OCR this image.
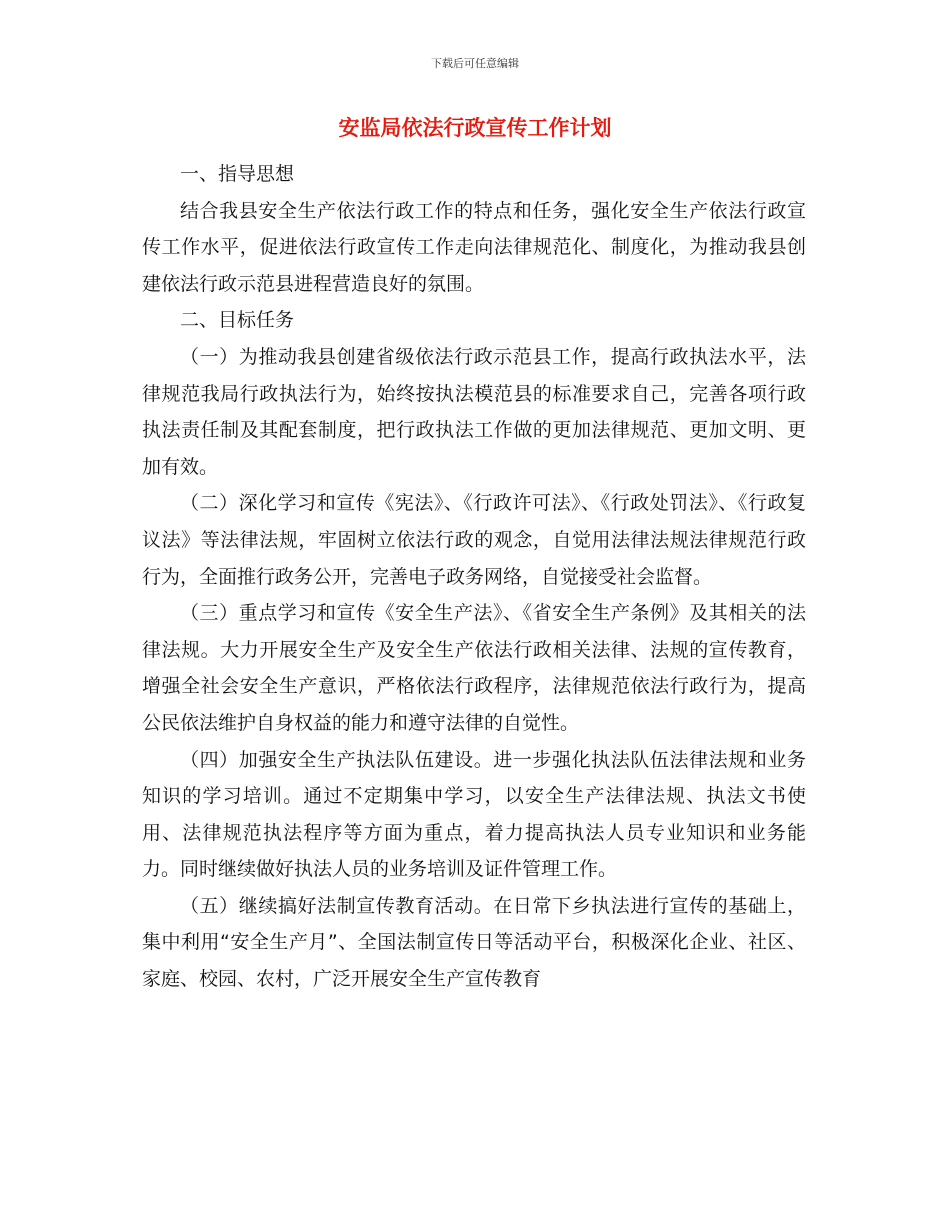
下载后可任意编辑
安监局依法行政宣传工作计划

一、指导思想

结合我县安全生产依法行政工作的特点和任务，强化安全生产依法行政宣传工作水平，促进依法行政宣传工作走向法律规范化、制度化，为推动我县创建依法行政示范县进程营造良好的氛围。

二、目标任务

（一）为推动我县创建省级依法行政示范县工作，提高行政执法水平，法律规范我局行政执法行为，始终按执法模范县的标准要求自己，完善各项行政执法责任制及其配套制度，把行政执法工作做的更加法律规范、更加文明、更加有效。

（二）深化学习和宣传《宪法》、《行政许可法》、《行政处罚法》、《行政复议法》等法律法规，牢固树立依法行政的观念，自觉用法律法规法律规范行政行为，全面推行政务公开，完善电子政务网络，自觉接受社会监督。

（三）重点学习和宣传《安全生产法》、《省安全生产条例》及其相关的法律法规。大力开展安全生产及安全生产依法行政相关法律、法规的宣传教育，增强全社会安全生产意识，严格依法行政程序，法律规范依法行政行为，提高公民依法维护自身权益的能力和遵守法律的自觉性。

（四）加强安全生产执法队伍建设。进一步强化执法队伍法律法规和业务知识的学习培训。通过不定期集中学习，以安全生产法律法规、执法文书使用、法律规范执法程序等方面为重点，着力提高执法人员专业知识和业务能力。同时继续做好执法人员的业务培训及证件管理工作。

（五）继续搞好法制宣传教育活动。在日常下乡执法进行宣传的基础上，集中利用“安全生产月”、全国法制宣传日等活动平台，积极深化企业、社区、家庭、校园、农村，广泛开展安全生产宣传教育
